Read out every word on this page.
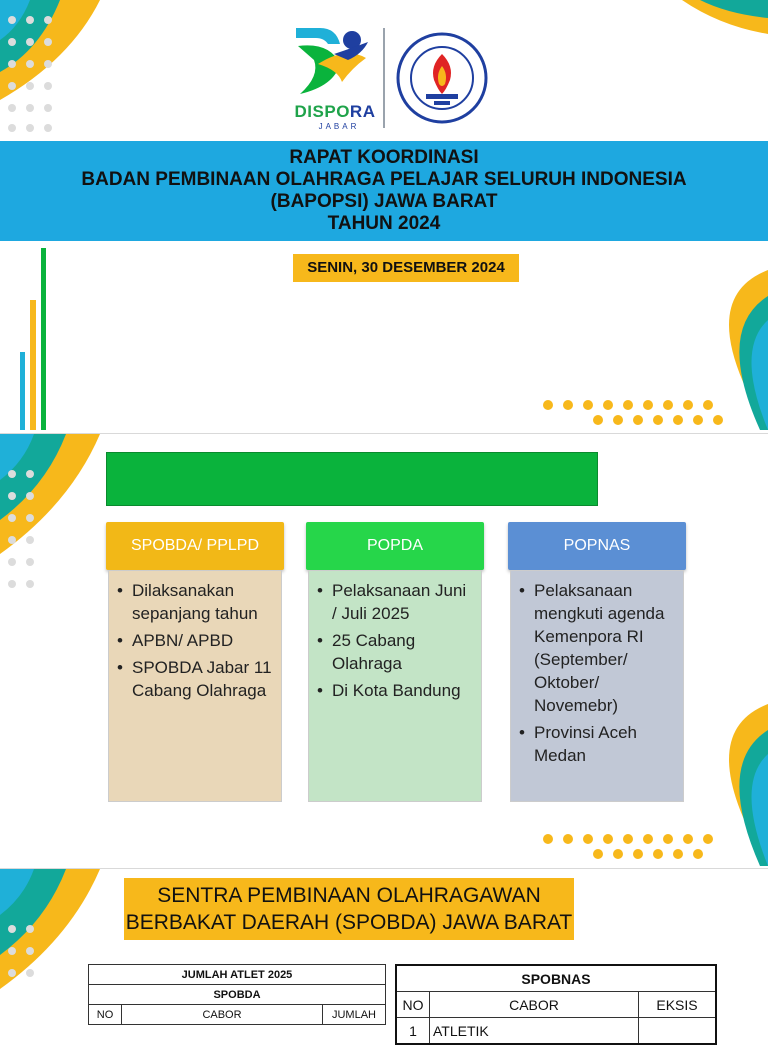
DISPORA
JABAR
RAPAT KOORDINASI
BADAN PEMBINAAN OLAHRAGA PELAJAR SELURUH INDONESIA
(BAPOPSI) JAWA BARAT
TAHUN 2024
SENIN, 30 DESEMBER 2024
SPOBDA/ PPLPD
• Dilaksanakan sepanjang tahun
• APBN/ APBD
• SPOBDA Jabar 11 Cabang Olahraga
POPDA
• Pelaksanaan Juni / Juli 2025
• 25 Cabang Olahraga
• Di Kota Bandung
POPNAS
• Pelaksanaan mengkuti agenda Kemenpora RI (September/ Oktober/ Novemebr)
• Provinsi Aceh Medan
SENTRA PEMBINAAN OLAHRAGAWAN
BERBAKAT DAERAH (SPOBDA) JAWA BARAT
JUMLAH ATLET 2025
SPOBDA
NO	CABOR	JUMLAH
SPOBNAS		
NO	CABOR	EKSIS
1	ATLETIK	
